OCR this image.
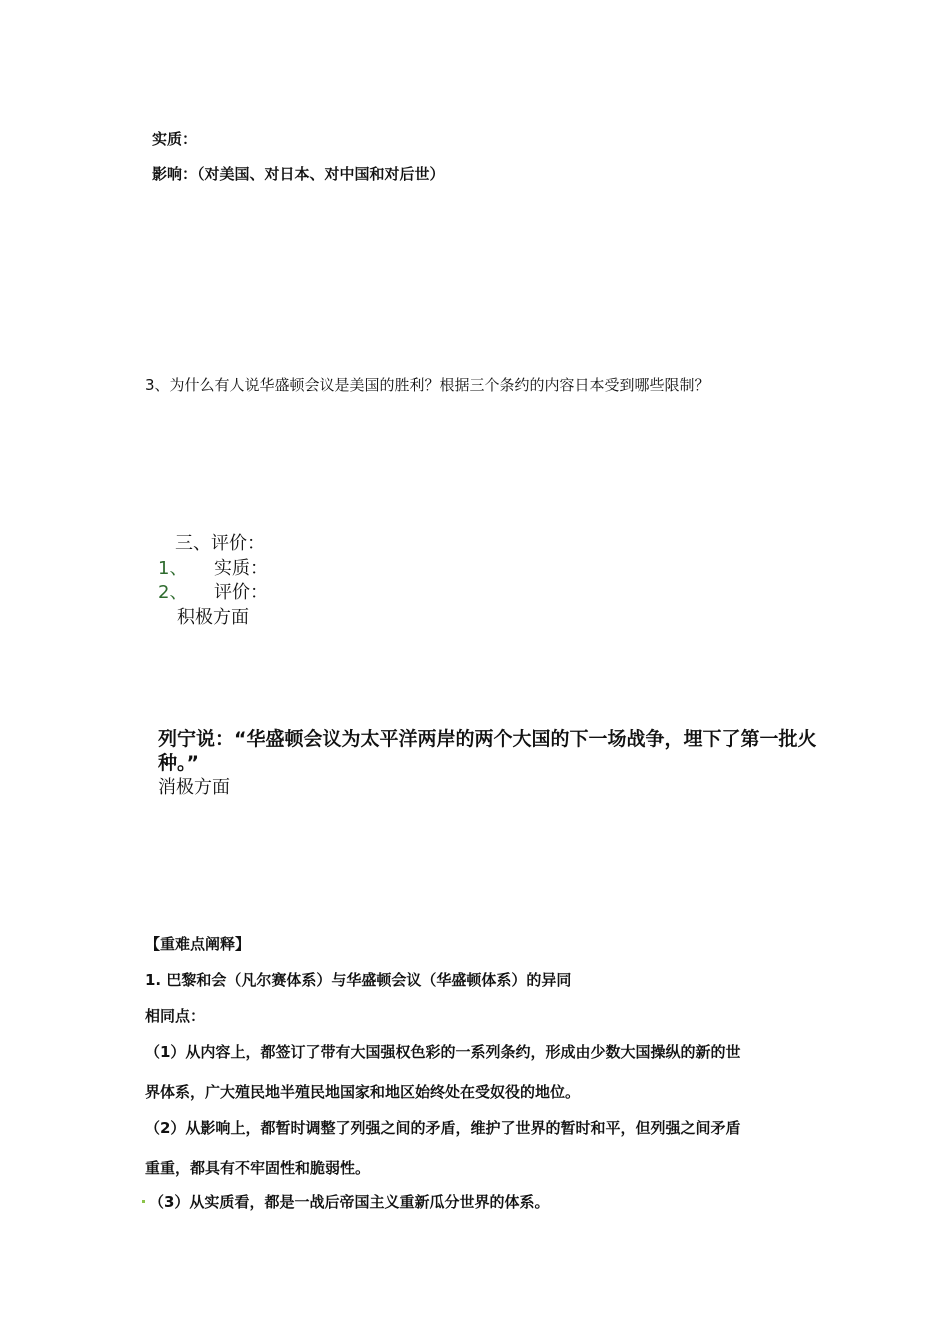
实质：
影响：（对美国、对日本、对中国和对后世）
3、为什么有人说华盛顿会议是美国的胜利？根据三个条约的内容日本受到哪些限制？
三、评价：
1、 实质：
2、 评价：
积极方面
列宁说：“华盛顿会议为太平洋两岸的两个大国的下一场战争，埋下了第一批火
种。”
消极方面
【重难点阐释】
1. 巴黎和会（凡尔赛体系）与华盛顿会议（华盛顿体系）的异同
相同点：
（1）从内容上，都签订了带有大国强权色彩的一系列条约，形成由少数大国操纵的新的世
界体系，广大殖民地半殖民地国家和地区始终处在受奴役的地位。
（2）从影响上，都暂时调整了列强之间的矛盾，维护了世界的暂时和平，但列强之间矛盾
重重，都具有不牢固性和脆弱性。
（3）从实质看，都是一战后帝国主义重新瓜分世界的体系。
